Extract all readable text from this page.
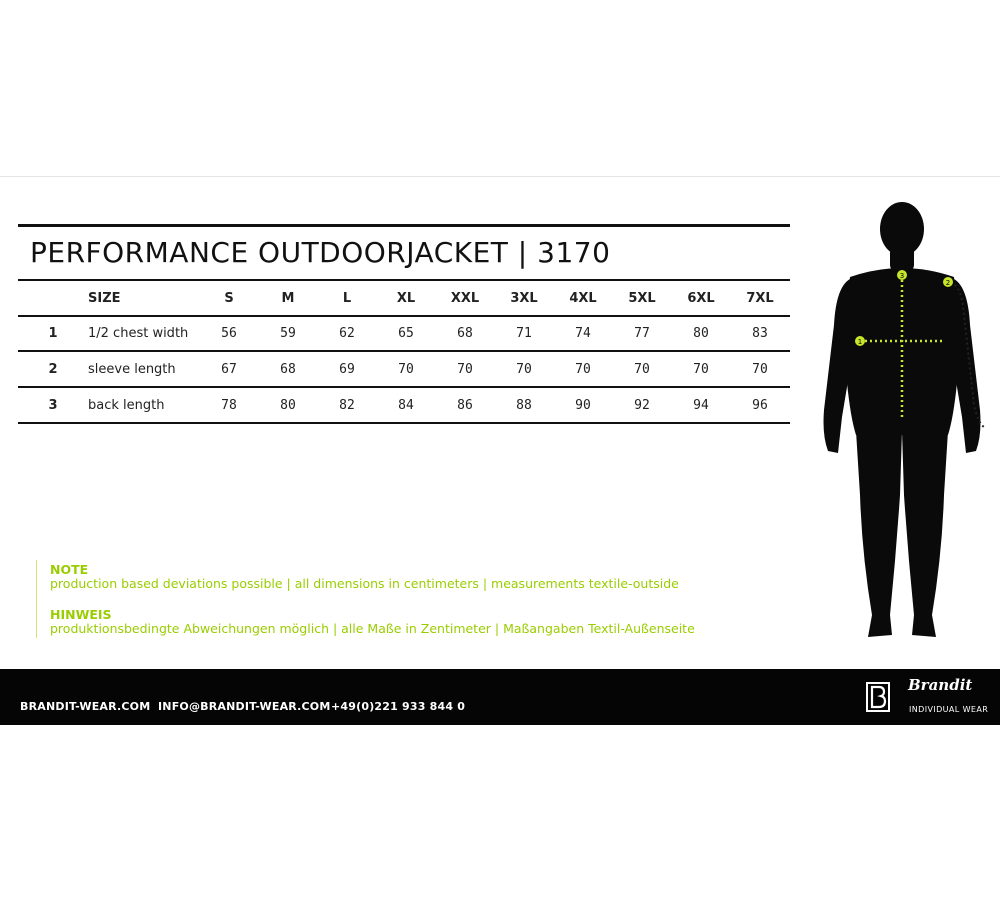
PERFORMANCE OUTDOORJACKET | 3170
SIZE	S	M	L	XL	XXL	3XL	4XL	5XL	6XL	7XL
1	1/2 chest width	56	59	62	65	68	71	74	77	80	83
2	sleeve length	67	68	69	70	70	70	70	70	70	70
3	back length	78	80	82	84	86	88	90	92	94	96
NOTE
production based deviations possible | all dimensions in centimeters | measurements textile-outside
HINWEIS
produktionsbedingte Abweichungen möglich | alle Maße in Zentimeter | Maßangaben Textil-Außenseite
3
2
1
BRANDIT-WEAR.COM INFO@BRANDIT-WEAR.COM +49(0)221 933 844 0
Brandit
INDIVIDUAL WEAR
